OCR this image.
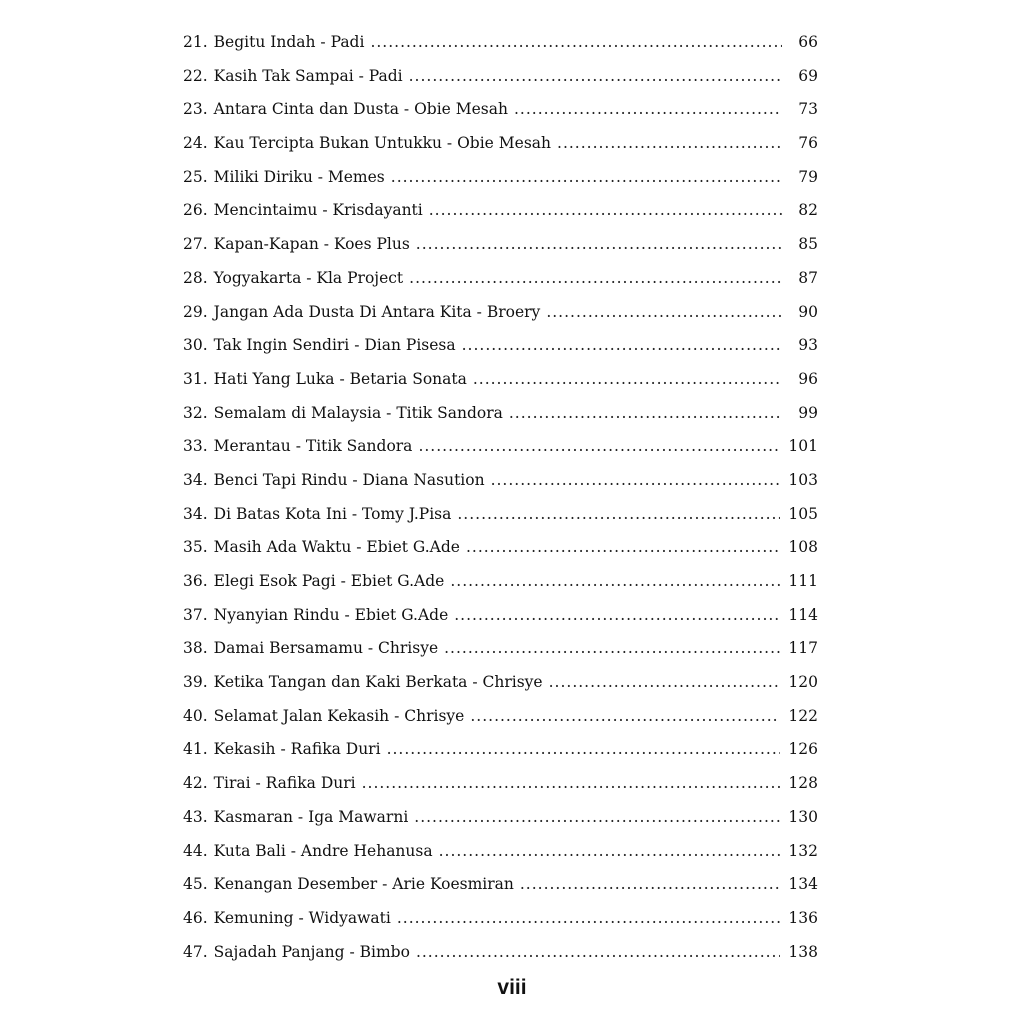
21. Begitu Indah - Padi .....	66
22. Kasih Tak Sampai - Padi .....	69
23. Antara Cinta dan Dusta - Obie Mesah .....	73
24. Kau Tercipta Bukan Untukku - Obie Mesah .....	76
25. Miliki Diriku - Memes .....	79
26. Mencintaimu - Krisdayanti .....	82
27. Kapan-Kapan - Koes Plus .....	85
28. Yogyakarta - Kla Project .....	87
29. Jangan Ada Dusta Di Antara Kita - Broery .....	90
30. Tak Ingin Sendiri - Dian Pisesa .....	93
31. Hati Yang Luka - Betaria Sonata .....	96
32. Semalam di Malaysia - Titik Sandora .....	99
33. Merantau - Titik Sandora .....	101
34. Benci Tapi Rindu - Diana Nasution .....	103
34. Di Batas Kota Ini - Tomy J.Pisa .....	105
35. Masih Ada Waktu - Ebiet G.Ade .....	108
36. Elegi Esok Pagi - Ebiet G.Ade .....	111
37. Nyanyian Rindu - Ebiet G.Ade .....	114
38. Damai Bersamamu - Chrisye .....	117
39. Ketika Tangan dan Kaki Berkata - Chrisye .....	120
40. Selamat Jalan Kekasih - Chrisye .....	122
41. Kekasih - Rafika Duri .....	126
42. Tirai - Rafika Duri .....	128
43. Kasmaran - Iga Mawarni .....	130
44. Kuta Bali - Andre Hehanusa .....	132
45. Kenangan Desember - Arie Koesmiran .....	134
46. Kemuning - Widyawati .....	136
47. Sajadah Panjang - Bimbo .....	138
viii
